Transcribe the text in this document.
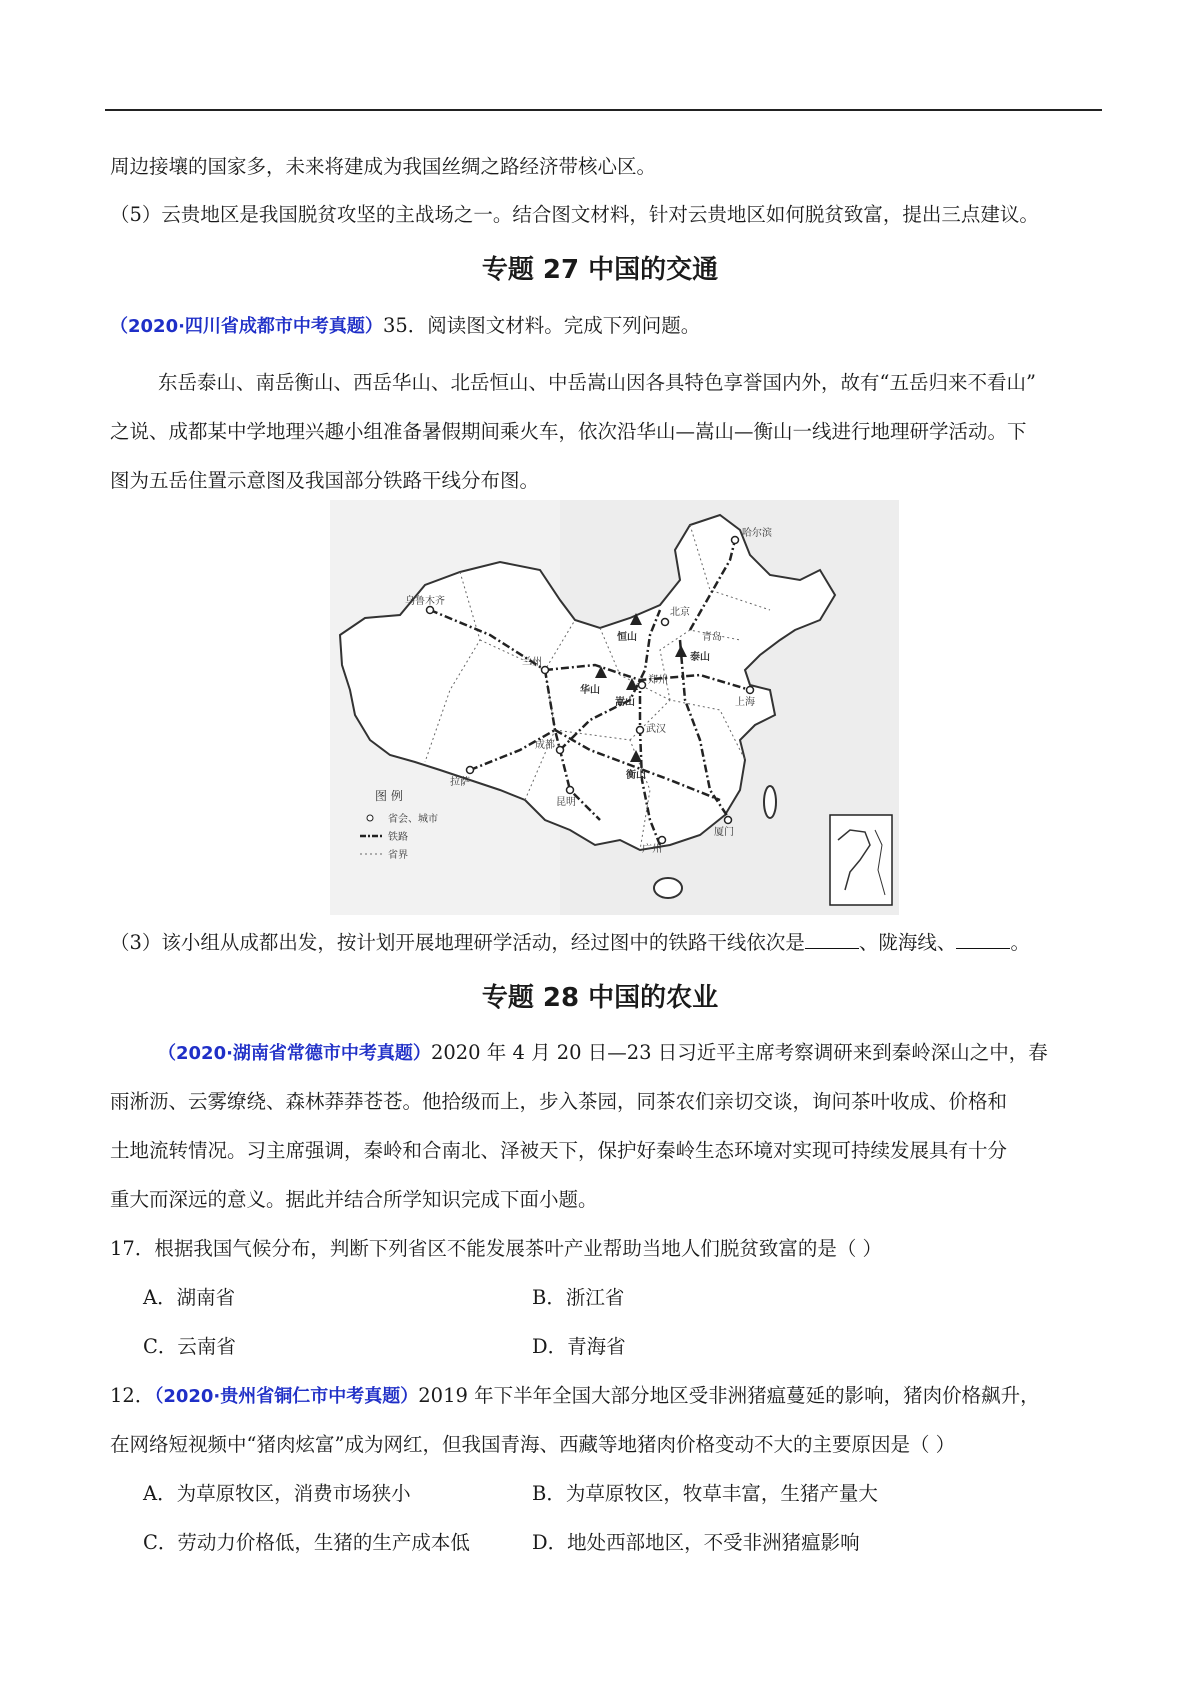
周边接壤的国家多，未来将建成为我国丝绸之路经济带核心区。
（5）云贵地区是我国脱贫攻坚的主战场之一。结合图文材料，针对云贵地区如何脱贫致富，提出三点建议。
专题 27 中国的交通
（2020·四川省成都市中考真题）35．阅读图文材料。完成下列问题。
东岳泰山、南岳衡山、西岳华山、北岳恒山、中岳嵩山因各具特色享誉国内外，故有“五岳归来不看山”
之说、成都某中学地理兴趣小组准备暑假期间乘火车，依次沿华山—嵩山—衡山一线进行地理研学活动。下
图为五岳住置示意图及我国部分铁路干线分布图。
哈尔滨
乌鲁木齐
拉萨
成都
兰州
恒山
华山
嵩山
泰山
衡山
广州
厦门
上海
青岛
北京
郑州
武汉
昆明
图 例
省会、城市
铁路
省界
（3）该小组从成都出发，按计划开展地理研学活动，经过图中的铁路干线依次是	、陇海线、	。
专题 28 中国的农业
（2020·湖南省常德市中考真题）2020 年 4 月 20 日—23 日习近平主席考察调研来到秦岭深山之中，春
雨淅沥、云雾缭绕、森林莽莽苍苍。他拾级而上，步入茶园，同茶农们亲切交谈，询问茶叶收成、价格和
土地流转情况。习主席强调，秦岭和合南北、泽被天下，保护好秦岭生态环境对实现可持续发展具有十分
重大而深远的意义。据此并结合所学知识完成下面小题。
17．根据我国气候分布，判断下列省区不能发展茶叶产业帮助当地人们脱贫致富的是（ ）
A．湖南省	B．浙江省
C．云南省	D．青海省
12．（2020·贵州省铜仁市中考真题）2019 年下半年全国大部分地区受非洲猪瘟蔓延的影响，猪肉价格飙升，
在网络短视频中“猪肉炫富”成为网红，但我国青海、西藏等地猪肉价格变动不大的主要原因是（ ）
A．为草原牧区，消费市场狭小	B．为草原牧区，牧草丰富，生猪产量大
C．劳动力价格低，生猪的生产成本低	D．地处西部地区，不受非洲猪瘟影响
